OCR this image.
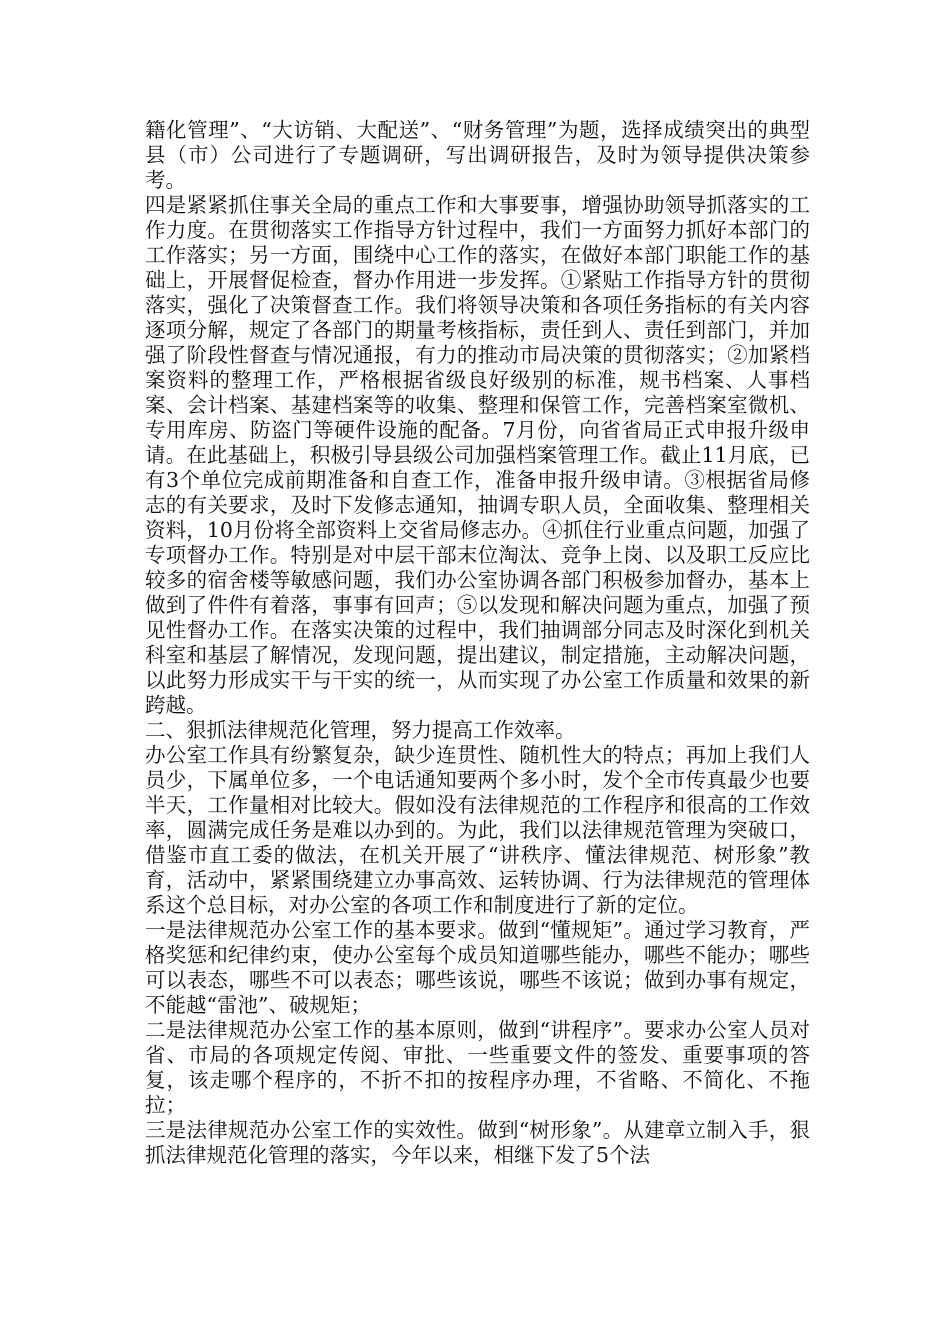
籍化管理”、“大访销、大配送”、“财务管理”为题，选择成绩突出的典型县（市）公司进行了专题调研，写出调研报告，及时为领导提供决策参考。

四是紧紧抓住事关全局的重点工作和大事要事，增强协助领导抓落实的工作力度。在贯彻落实工作指导方针过程中，我们一方面努力抓好本部门的工作落实；另一方面，围绕中心工作的落实，在做好本部门职能工作的基础上，开展督促检查，督办作用进一步发挥。①紧贴工作指导方针的贯彻落实，强化了决策督查工作。我们将领导决策和各项任务指标的有关内容逐项分解，规定了各部门的期量考核指标，责任到人、责任到部门，并加强了阶段性督查与情况通报，有力的推动市局决策的贯彻落实；②加紧档案资料的整理工作，严格根据省级良好级别的标准，规书档案、人事档案、会计档案、基建档案等的收集、整理和保管工作，完善档案室微机、专用库房、防盗门等硬件设施的配备。7月份，向省省局正式申报升级申请。在此基础上，积极引导县级公司加强档案管理工作。截止11月底，已有3个单位完成前期准备和自查工作，准备申报升级申请。③根据省局修志的有关要求，及时下发修志通知，抽调专职人员，全面收集、整理相关资料，10月份将全部资料上交省局修志办。④抓住行业重点问题，加强了专项督办工作。特别是对中层干部末位淘汰、竞争上岗、以及职工反应比较多的宿舍楼等敏感问题，我们办公室协调各部门积极参加督办，基本上做到了件件有着落，事事有回声；⑤以发现和解决问题为重点，加强了预见性督办工作。在落实决策的过程中，我们抽调部分同志及时深化到机关科室和基层了解情况，发现问题，提出建议，制定措施，主动解决问题，以此努力形成实干与干实的统一，从而实现了办公室工作质量和效果的新跨越。

二、狠抓法律规范化管理，努力提高工作效率。

办公室工作具有纷繁复杂，缺少连贯性、随机性大的特点；再加上我们人员少，下属单位多，一个电话通知要两个多小时，发个全市传真最少也要半天，工作量相对比较大。假如没有法律规范的工作程序和很高的工作效率，圆满完成任务是难以办到的。为此，我们以法律规范管理为突破口，借鉴市直工委的做法，在机关开展了“讲秩序、懂法律规范、树形象”教育，活动中，紧紧围绕建立办事高效、运转协调、行为法律规范的管理体系这个总目标，对办公室的各项工作和制度进行了新的定位。

一是法律规范办公室工作的基本要求。做到“懂规矩”。通过学习教育，严格奖惩和纪律约束，使办公室每个成员知道哪些能办，哪些不能办；哪些可以表态，哪些不可以表态；哪些该说，哪些不该说；做到办事有规定，不能越“雷池”、破规矩；

二是法律规范办公室工作的基本原则，做到“讲程序”。要求办公室人员对省、市局的各项规定传阅、审批、一些重要文件的签发、重要事项的答复，该走哪个程序的，不折不扣的按程序办理，不省略、不简化、不拖拉；

三是法律规范办公室工作的实效性。做到“树形象”。从建章立制入手，狠抓法律规范化管理的落实，今年以来，相继下发了5个法
